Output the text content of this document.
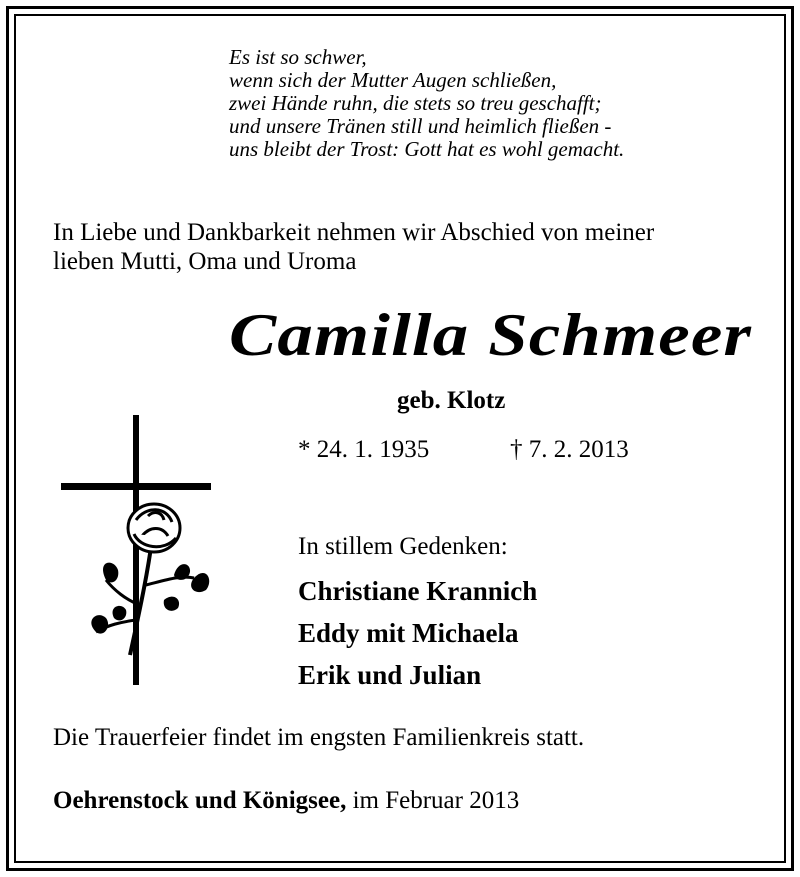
Es ist so schwer,
wenn sich der Mutter Augen schließen,
zwei Hände ruhn, die stets so treu geschafft;
und unsere Tränen still und heimlich fließen -
uns bleibt der Trost: Gott hat es wohl gemacht.
In Liebe und Dankbarkeit nehmen wir Abschied von meiner
lieben Mutti, Oma und Uroma
Camilla Schmeer
geb. Klotz
* 24. 1. 1935	† 7. 2. 2013
In stillem Gedenken:
Christiane Krannich
Eddy mit Michaela
Erik und Julian
Die Trauerfeier findet im engsten Familienkreis statt.
Oehrenstock und Königsee, im Februar 2013
